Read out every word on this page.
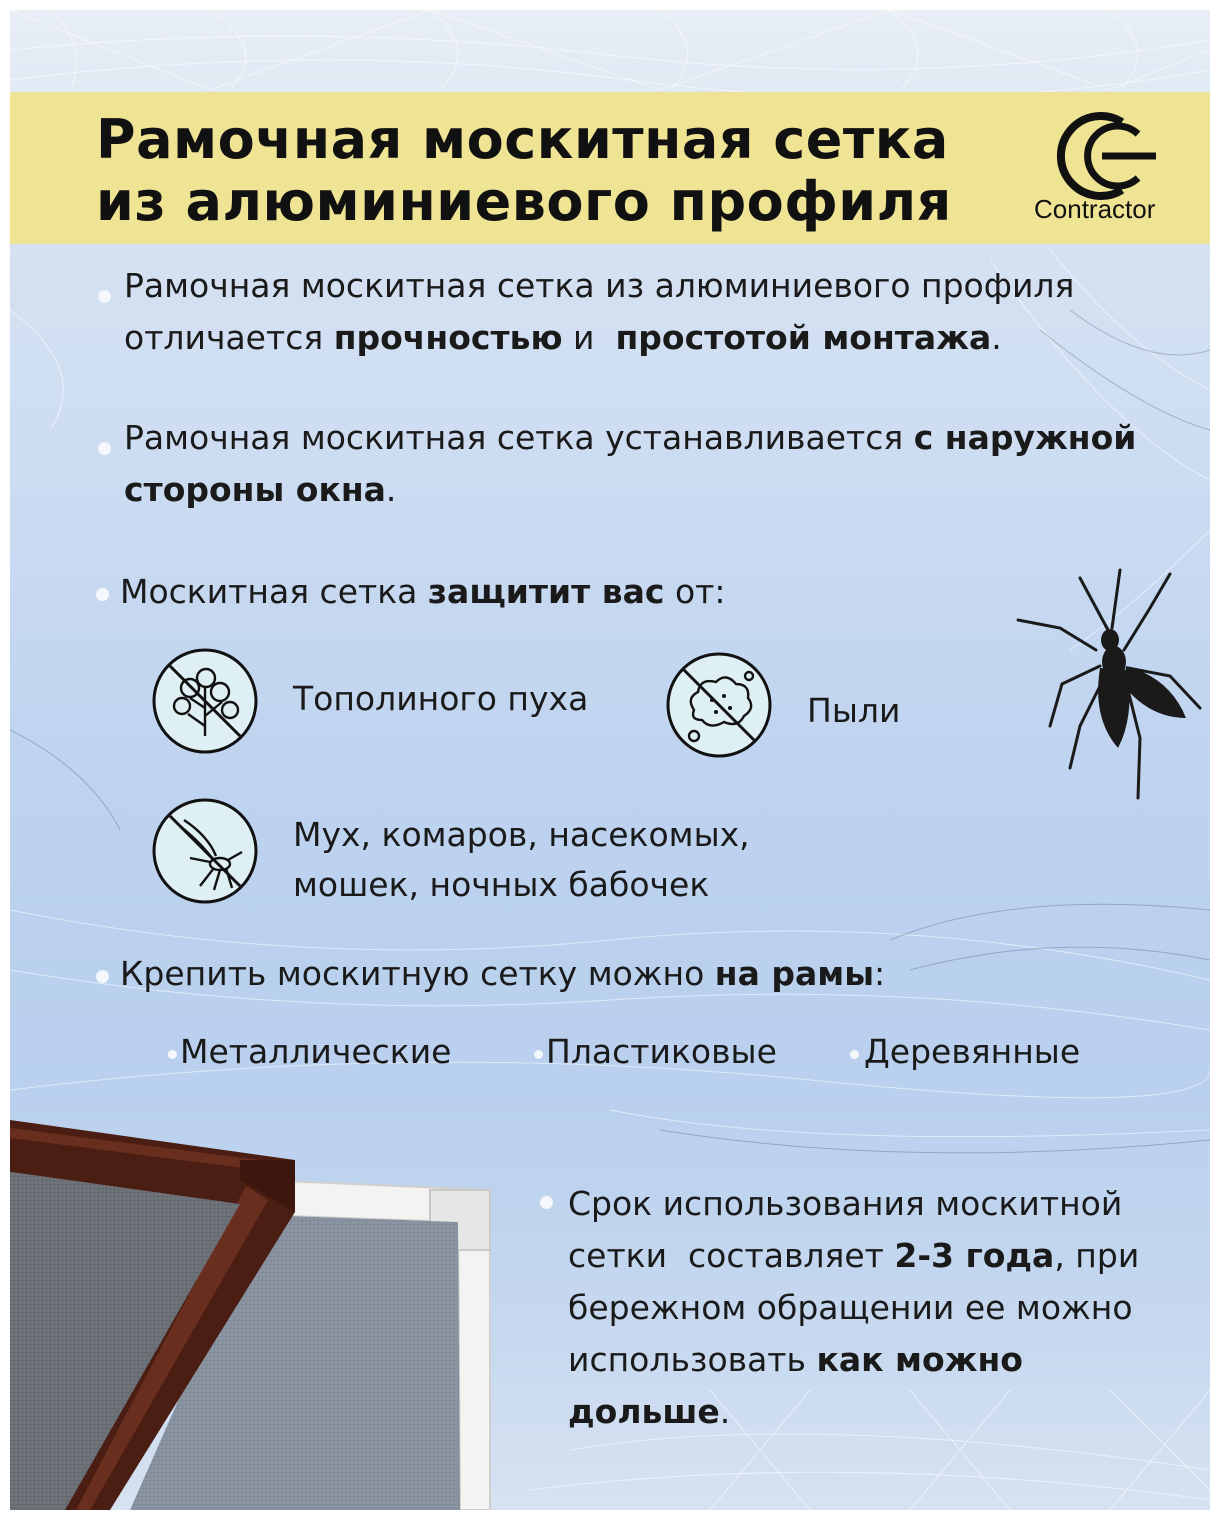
Рамочная москитная сетка
из алюминиевого профиля	Contractor
Рамочная москитная сетка из алюминиевого профиля
отличается прочностью и  простотой монтажа.
Рамочная москитная сетка устанавливается с наружной
стороны окна.
Москитная сетка защитит вас от:
Тополиного пуха	Пыли
Мух, комаров, насекомых,
мошек, ночных бабочек
Крепить москитную сетку можно на рамы:
Металлические	Пластиковые	Деревянные
Срок использования москитной
сетки  составляет 2-3 года, при
бережном обращении ее можно
использовать как можно
дольше.
